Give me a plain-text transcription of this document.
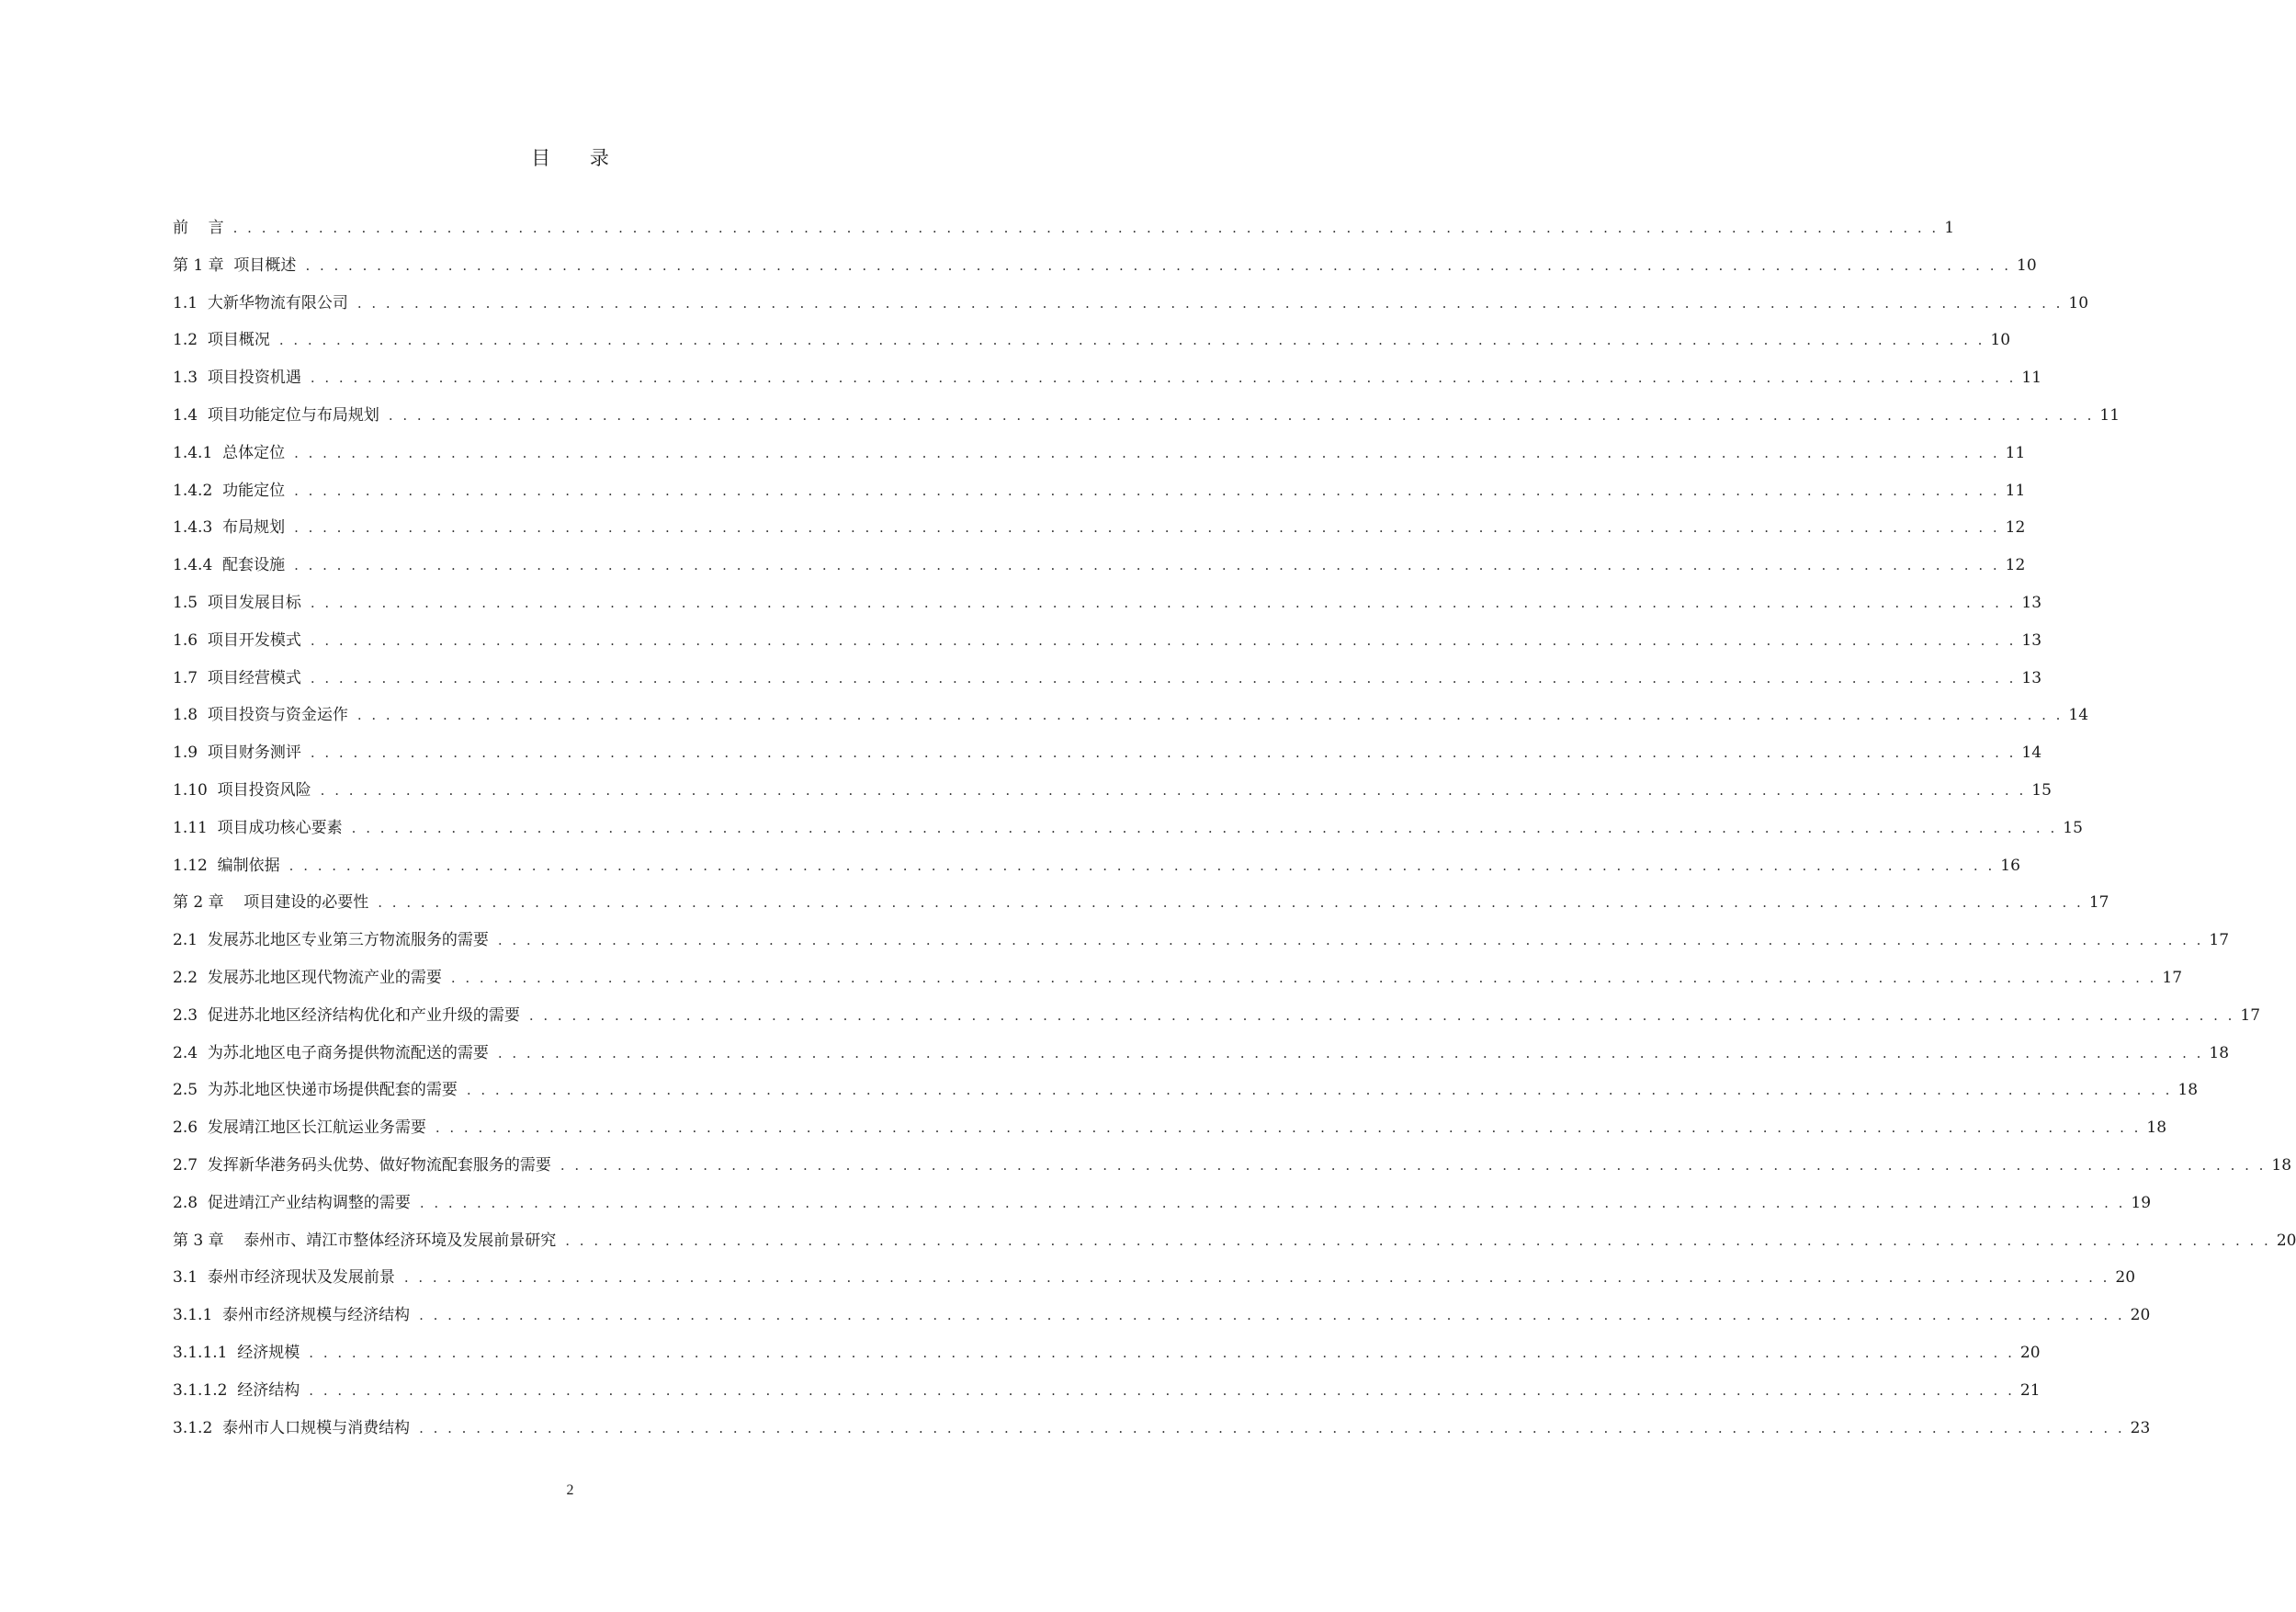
目 录
前    言 . . . . . . . . . . . . . . . . . . . . . . . . . . . . . . . . . . . . . . . . . . . . . . . . . . . . . . . . . . . . . . . . . . . . . . . . . . . . . . . . . . . . . . . . . . . . . . . . . . . . . . . . . . . . . . . . . . . . . . . . 1
第 1 章  项目概述 . . . . . . . . . . . . . . . . . . . . . . . . . . . . . . . . . . . . . . . . . . . . . . . . . . . . . . . . . . . . . . . . . . . . . . . . . . . . . . . . . . . . . . . . . . . . . . . . . . . . . . . . . . . . . . . . . . . . . . . . 10
1.1  大新华物流有限公司 . . . . . . . . . . . . . . . . . . . . . . . . . . . . . . . . . . . . . . . . . . . . . . . . . . . . . . . . . . . . . . . . . . . . . . . . . . . . . . . . . . . . . . . . . . . . . . . . . . . . . . . . . . . . . . . . . . . . . . . . 10
1.2  项目概况 . . . . . . . . . . . . . . . . . . . . . . . . . . . . . . . . . . . . . . . . . . . . . . . . . . . . . . . . . . . . . . . . . . . . . . . . . . . . . . . . . . . . . . . . . . . . . . . . . . . . . . . . . . . . . . . . . . . . . . . . 10
1.3  项目投资机遇 . . . . . . . . . . . . . . . . . . . . . . . . . . . . . . . . . . . . . . . . . . . . . . . . . . . . . . . . . . . . . . . . . . . . . . . . . . . . . . . . . . . . . . . . . . . . . . . . . . . . . . . . . . . . . . . . . . . . . . . . 11
1.4  项目功能定位与布局规划 . . . . . . . . . . . . . . . . . . . . . . . . . . . . . . . . . . . . . . . . . . . . . . . . . . . . . . . . . . . . . . . . . . . . . . . . . . . . . . . . . . . . . . . . . . . . . . . . . . . . . . . . . . . . . . . . . . . . . . . . 11
1.4.1  总体定位 . . . . . . . . . . . . . . . . . . . . . . . . . . . . . . . . . . . . . . . . . . . . . . . . . . . . . . . . . . . . . . . . . . . . . . . . . . . . . . . . . . . . . . . . . . . . . . . . . . . . . . . . . . . . . . . . . . . . . . . . 11
1.4.2  功能定位 . . . . . . . . . . . . . . . . . . . . . . . . . . . . . . . . . . . . . . . . . . . . . . . . . . . . . . . . . . . . . . . . . . . . . . . . . . . . . . . . . . . . . . . . . . . . . . . . . . . . . . . . . . . . . . . . . . . . . . . . 11
1.4.3  布局规划 . . . . . . . . . . . . . . . . . . . . . . . . . . . . . . . . . . . . . . . . . . . . . . . . . . . . . . . . . . . . . . . . . . . . . . . . . . . . . . . . . . . . . . . . . . . . . . . . . . . . . . . . . . . . . . . . . . . . . . . . 12
1.4.4  配套设施 . . . . . . . . . . . . . . . . . . . . . . . . . . . . . . . . . . . . . . . . . . . . . . . . . . . . . . . . . . . . . . . . . . . . . . . . . . . . . . . . . . . . . . . . . . . . . . . . . . . . . . . . . . . . . . . . . . . . . . . . 12
1.5  项目发展目标 . . . . . . . . . . . . . . . . . . . . . . . . . . . . . . . . . . . . . . . . . . . . . . . . . . . . . . . . . . . . . . . . . . . . . . . . . . . . . . . . . . . . . . . . . . . . . . . . . . . . . . . . . . . . . . . . . . . . . . . . 13
1.6  项目开发模式 . . . . . . . . . . . . . . . . . . . . . . . . . . . . . . . . . . . . . . . . . . . . . . . . . . . . . . . . . . . . . . . . . . . . . . . . . . . . . . . . . . . . . . . . . . . . . . . . . . . . . . . . . . . . . . . . . . . . . . . . 13
1.7  项目经营模式 . . . . . . . . . . . . . . . . . . . . . . . . . . . . . . . . . . . . . . . . . . . . . . . . . . . . . . . . . . . . . . . . . . . . . . . . . . . . . . . . . . . . . . . . . . . . . . . . . . . . . . . . . . . . . . . . . . . . . . . . 13
1.8  项目投资与资金运作 . . . . . . . . . . . . . . . . . . . . . . . . . . . . . . . . . . . . . . . . . . . . . . . . . . . . . . . . . . . . . . . . . . . . . . . . . . . . . . . . . . . . . . . . . . . . . . . . . . . . . . . . . . . . . . . . . . . . . . . . 14
1.9  项目财务测评 . . . . . . . . . . . . . . . . . . . . . . . . . . . . . . . . . . . . . . . . . . . . . . . . . . . . . . . . . . . . . . . . . . . . . . . . . . . . . . . . . . . . . . . . . . . . . . . . . . . . . . . . . . . . . . . . . . . . . . . . 14
1.10  项目投资风险 . . . . . . . . . . . . . . . . . . . . . . . . . . . . . . . . . . . . . . . . . . . . . . . . . . . . . . . . . . . . . . . . . . . . . . . . . . . . . . . . . . . . . . . . . . . . . . . . . . . . . . . . . . . . . . . . . . . . . . . . 15
1.11  项目成功核心要素 . . . . . . . . . . . . . . . . . . . . . . . . . . . . . . . . . . . . . . . . . . . . . . . . . . . . . . . . . . . . . . . . . . . . . . . . . . . . . . . . . . . . . . . . . . . . . . . . . . . . . . . . . . . . . . . . . . . . . . . . 15
1.12  编制依据 . . . . . . . . . . . . . . . . . . . . . . . . . . . . . . . . . . . . . . . . . . . . . . . . . . . . . . . . . . . . . . . . . . . . . . . . . . . . . . . . . . . . . . . . . . . . . . . . . . . . . . . . . . . . . . . . . . . . . . . . 16
第 2 章    项目建设的必要性 . . . . . . . . . . . . . . . . . . . . . . . . . . . . . . . . . . . . . . . . . . . . . . . . . . . . . . . . . . . . . . . . . . . . . . . . . . . . . . . . . . . . . . . . . . . . . . . . . . . . . . . . . . . . . . . . . . . . . . . . 17
2.1  发展苏北地区专业第三方物流服务的需要 . . . . . . . . . . . . . . . . . . . . . . . . . . . . . . . . . . . . . . . . . . . . . . . . . . . . . . . . . . . . . . . . . . . . . . . . . . . . . . . . . . . . . . . . . . . . . . . . . . . . . . . . . . . . . . . . . . . . . . . . 17
2.2  发展苏北地区现代物流产业的需要 . . . . . . . . . . . . . . . . . . . . . . . . . . . . . . . . . . . . . . . . . . . . . . . . . . . . . . . . . . . . . . . . . . . . . . . . . . . . . . . . . . . . . . . . . . . . . . . . . . . . . . . . . . . . . . . . . . . . . . . . 17
2.3  促进苏北地区经济结构优化和产业升级的需要 . . . . . . . . . . . . . . . . . . . . . . . . . . . . . . . . . . . . . . . . . . . . . . . . . . . . . . . . . . . . . . . . . . . . . . . . . . . . . . . . . . . . . . . . . . . . . . . . . . . . . . . . . . . . . . . . . . . . . . . . 17
2.4  为苏北地区电子商务提供物流配送的需要 . . . . . . . . . . . . . . . . . . . . . . . . . . . . . . . . . . . . . . . . . . . . . . . . . . . . . . . . . . . . . . . . . . . . . . . . . . . . . . . . . . . . . . . . . . . . . . . . . . . . . . . . . . . . . . . . . . . . . . . . 18
2.5  为苏北地区快递市场提供配套的需要 . . . . . . . . . . . . . . . . . . . . . . . . . . . . . . . . . . . . . . . . . . . . . . . . . . . . . . . . . . . . . . . . . . . . . . . . . . . . . . . . . . . . . . . . . . . . . . . . . . . . . . . . . . . . . . . . . . . . . . . . 18
2.6  发展靖江地区长江航运业务需要 . . . . . . . . . . . . . . . . . . . . . . . . . . . . . . . . . . . . . . . . . . . . . . . . . . . . . . . . . . . . . . . . . . . . . . . . . . . . . . . . . . . . . . . . . . . . . . . . . . . . . . . . . . . . . . . . . . . . . . . . 18
2.7  发挥新华港务码头优势、做好物流配套服务的需要 . . . . . . . . . . . . . . . . . . . . . . . . . . . . . . . . . . . . . . . . . . . . . . . . . . . . . . . . . . . . . . . . . . . . . . . . . . . . . . . . . . . . . . . . . . . . . . . . . . . . . . . . . . . . . . . . . . . . . . . . 18
2.8  促进靖江产业结构调整的需要 . . . . . . . . . . . . . . . . . . . . . . . . . . . . . . . . . . . . . . . . . . . . . . . . . . . . . . . . . . . . . . . . . . . . . . . . . . . . . . . . . . . . . . . . . . . . . . . . . . . . . . . . . . . . . . . . . . . . . . . . 19
第 3 章    泰州市、靖江市整体经济环境及发展前景研究 . . . . . . . . . . . . . . . . . . . . . . . . . . . . . . . . . . . . . . . . . . . . . . . . . . . . . . . . . . . . . . . . . . . . . . . . . . . . . . . . . . . . . . . . . . . . . . . . . . . . . . . . . . . . . . . . . . . . . . . . 20
3.1  泰州市经济现状及发展前景 . . . . . . . . . . . . . . . . . . . . . . . . . . . . . . . . . . . . . . . . . . . . . . . . . . . . . . . . . . . . . . . . . . . . . . . . . . . . . . . . . . . . . . . . . . . . . . . . . . . . . . . . . . . . . . . . . . . . . . . . 20
3.1.1  泰州市经济规模与经济结构 . . . . . . . . . . . . . . . . . . . . . . . . . . . . . . . . . . . . . . . . . . . . . . . . . . . . . . . . . . . . . . . . . . . . . . . . . . . . . . . . . . . . . . . . . . . . . . . . . . . . . . . . . . . . . . . . . . . . . . . . 20
3.1.1.1  经济规模 . . . . . . . . . . . . . . . . . . . . . . . . . . . . . . . . . . . . . . . . . . . . . . . . . . . . . . . . . . . . . . . . . . . . . . . . . . . . . . . . . . . . . . . . . . . . . . . . . . . . . . . . . . . . . . . . . . . . . . . . 20
3.1.1.2  经济结构 . . . . . . . . . . . . . . . . . . . . . . . . . . . . . . . . . . . . . . . . . . . . . . . . . . . . . . . . . . . . . . . . . . . . . . . . . . . . . . . . . . . . . . . . . . . . . . . . . . . . . . . . . . . . . . . . . . . . . . . . 21
3.1.2  泰州市人口规模与消费结构 . . . . . . . . . . . . . . . . . . . . . . . . . . . . . . . . . . . . . . . . . . . . . . . . . . . . . . . . . . . . . . . . . . . . . . . . . . . . . . . . . . . . . . . . . . . . . . . . . . . . . . . . . . . . . . . . . . . . . . . . 23
2
